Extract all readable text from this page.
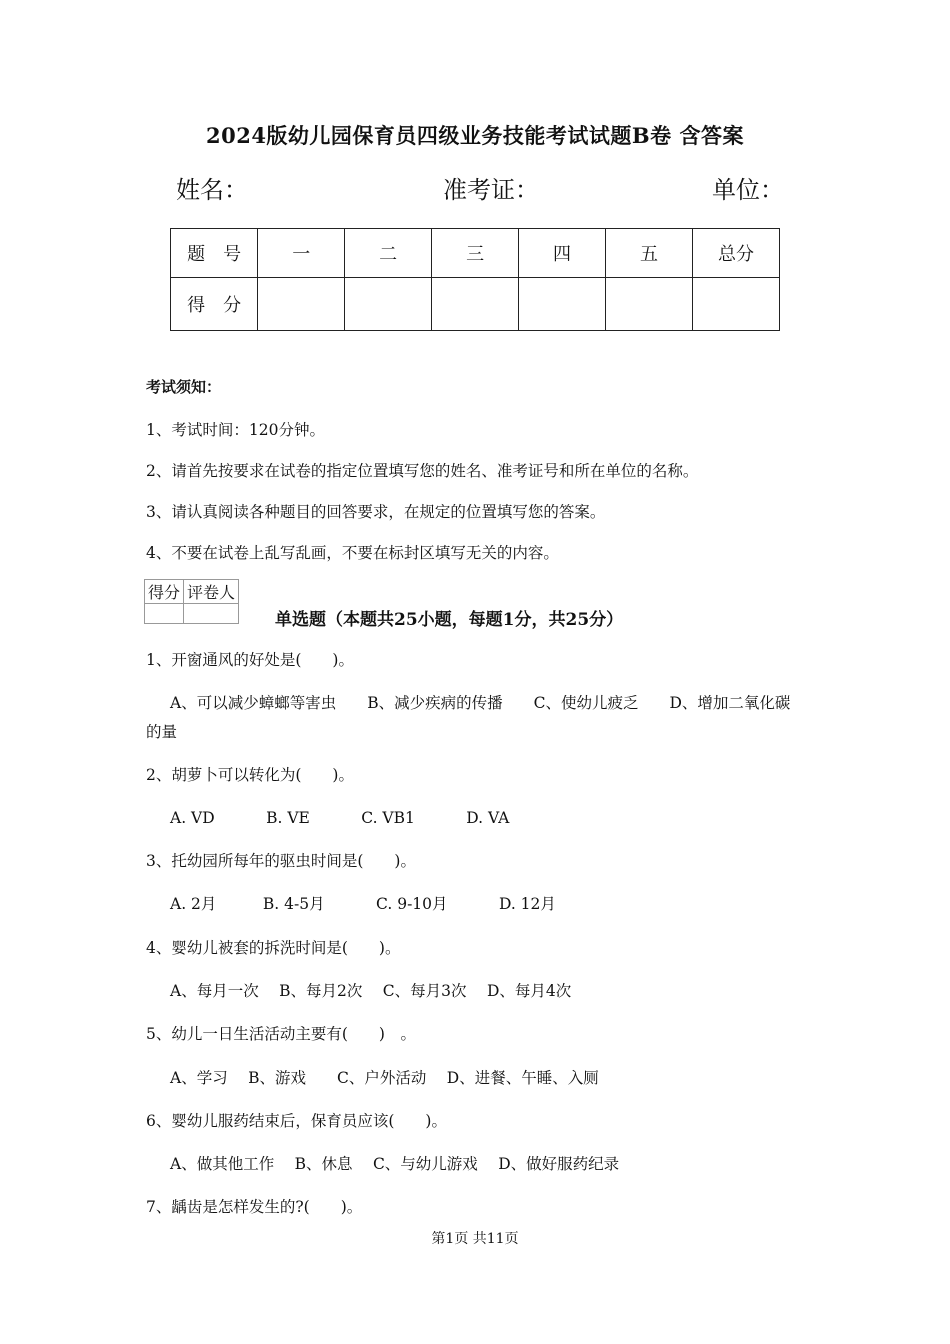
2024版幼儿园保育员四级业务技能考试试题B卷 含答案
姓名：	准考证：	单位：
题　号	一	二	三	四	五	总分
得　分						
考试须知：
1、考试时间：120分钟。
2、请首先按要求在试卷的指定位置填写您的姓名、准考证号和所在单位的名称。
3、请认真阅读各种题目的回答要求，在规定的位置填写您的答案。
4、不要在试卷上乱写乱画，不要在标封区填写无关的内容。
得分	评卷人

单选题（本题共25小题，每题1分，共25分）
1、开窗通风的好处是(　　)。
A、可以减少蟑螂等害虫　　B、减少疾病的传播　　C、使幼儿疲乏　　D、增加二氧化碳
的量
2、胡萝卜可以转化为(　　)。
A. VD　　　 B. VE　　　 C. VB1　　　 D. VA
3、托幼园所每年的驱虫时间是(　　)。
A. 2月　　　B. 4-5月　　　 C. 9-10月　　　 D. 12月
4、婴幼儿被套的拆洗时间是(　　)。
A、每月一次　 B、每月2次　 C、每月3次　 D、每月4次
5、幼儿一日生活活动主要有(　　)　。
A、学习　 B、游戏　　C、户外活动　 D、进餐、午睡、入厕
6、婴幼儿服药结束后，保育员应该(　　)。
A、做其他工作　 B、休息　 C、与幼儿游戏　 D、做好服药纪录
7、龋齿是怎样发生的?(　　)。
第1页 共11页
